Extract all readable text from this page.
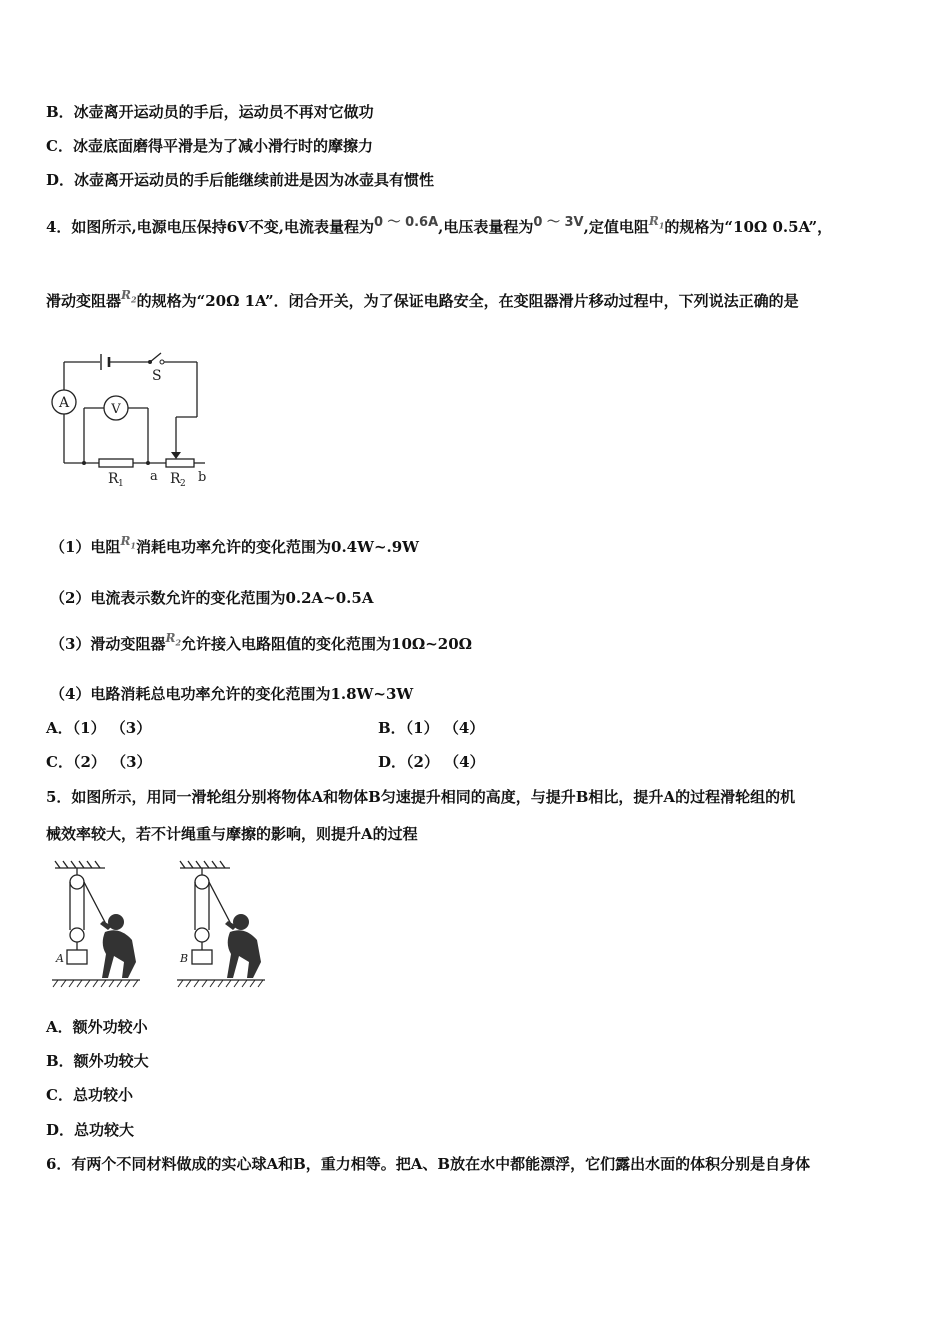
B．冰壶离开运动员的手后，运动员不再对它做功
C．冰壶底面磨得平滑是为了减小滑行时的摩擦力
D．冰壶离开运动员的手后能继续前进是因为冰壶具有惯性
4．如图所示,电源电压保持6V不变,电流表量程为0 ～ 0.6A,电压表量程为0 ～ 3V,定值电阻$^{R_1}$的规格为“10Ω 0.5A”，
滑动变阻器$^{R_2}$的规格为“20Ω 1A”．闭合开关，为了保证电路安全，在变阻器滑片移动过程中，下列说法正确的是
S
A	V
R 1 a R 2 b
（1）电阻$^{R_1}$消耗电功率允许的变化范围为0.4W~.9W
（2）电流表示数允许的变化范围为0.2A~0.5A
（3）滑动变阻器$^{R_2}$允许接入电路阻值的变化范围为10Ω~20Ω
（4）电路消耗总电功率允许的变化范围为1.8W~3W
A．（1） （3）	B．（1） （4）
C．（2） （3）	D．（2） （4）
5．如图所示，用同一滑轮组分别将物体A和物体B匀速提升相同的高度，与提升B相比，提升A的过程滑轮组的机
械效率较大，若不计绳重与摩擦的影响，则提升A的过程
A	B
A．额外功较小
B．额外功较大
C．总功较小
D．总功较大
6．有两个不同材料做成的实心球A和B，重力相等。把A、B放在水中都能漂浮，它们露出水面的体积分别是自身体
